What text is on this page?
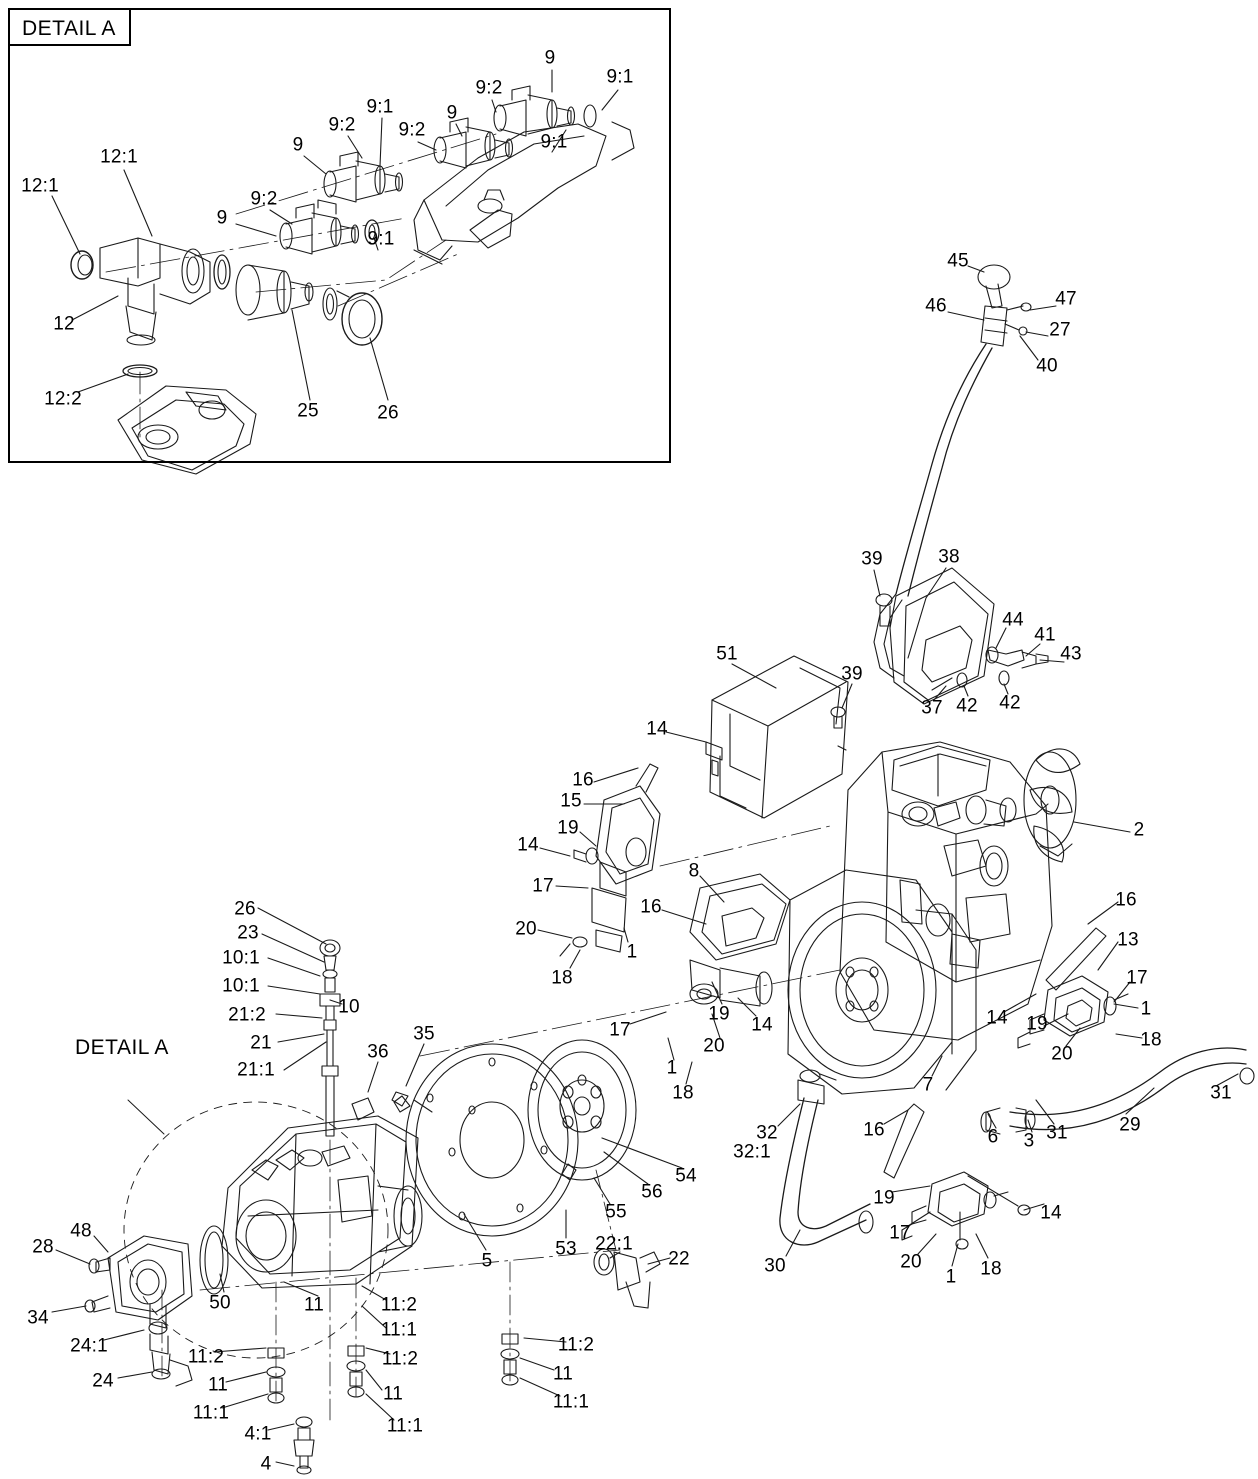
DETAIL A
DETAIL A
12:1
12:1
12
12:2
9
9:2
9:1
25	26
9
9:2
9:1
9:2
9
9:1
9:2
9
9:1
45
46	47
27
40
39	38
44
41
43
37 42 42
51
39
14
2
16
15
19
14
17
20
18
1
8
16
17
19
20
14
1
18
16
13
17
1
18
14 19
20
31
7
32
32:1
16	6 3 31	29
30
19
17
20
1 18
14
26
23
10:1
10:1
21:2
21
21:1
10
36
35
48
28
34
24:1
24
50	11	11:2
11:1
5
53
55
56
54
22:1
22
11:2
11
11:1
11:2
11
11:1
11:2
11
11:1
4:1
4
